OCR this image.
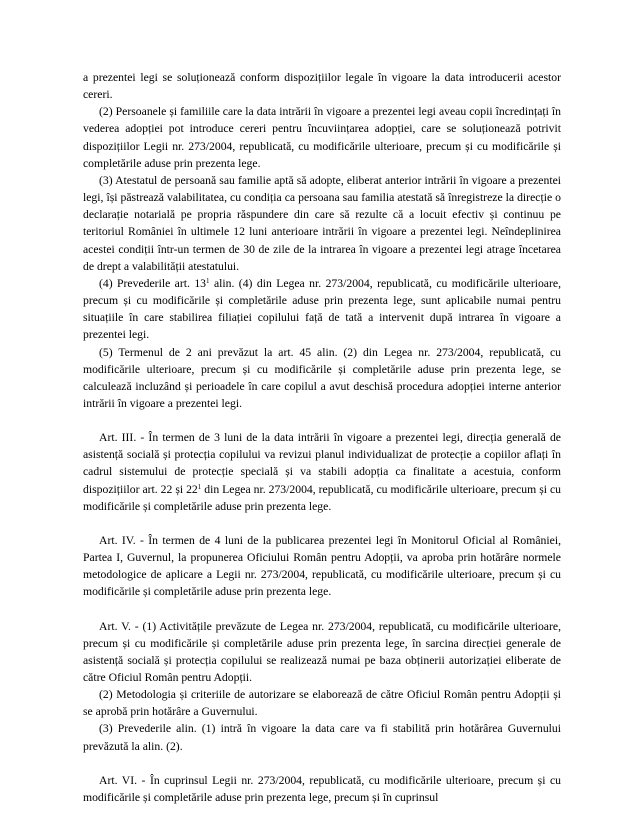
a prezentei legi se soluționează conform dispozițiilor legale în vigoare la data introducerii acestor cereri.

(2) Persoanele și familiile care la data intrării în vigoare a prezentei legi aveau copii încredințați în vederea adopției pot introduce cereri pentru încuviințarea adopției, care se soluționează potrivit dispozițiilor Legii nr. 273/2004, republicată, cu modificările ulterioare, precum și cu modificările și completările aduse prin prezenta lege.

(3) Atestatul de persoană sau familie aptă să adopte, eliberat anterior intrării în vigoare a prezentei legi, își păstrează valabilitatea, cu condiția ca persoana sau familia atestată să înregistreze la direcție o declarație notarială pe propria răspundere din care să rezulte că a locuit efectiv și continuu pe teritoriul României în ultimele 12 luni anterioare intrării în vigoare a prezentei legi. Neîndeplinirea acestei condiții într-un termen de 30 de zile de la intrarea în vigoare a prezentei legi atrage încetarea de drept a valabilității atestatului.

(4) Prevederile art. $13^1$ alin. (4) din Legea nr. 273/2004, republicată, cu modificările ulterioare, precum și cu modificările și completările aduse prin prezenta lege, sunt aplicabile numai pentru situațiile în care stabilirea filiației copilului față de tată a intervenit după intrarea în vigoare a prezentei legi.

(5) Termenul de 2 ani prevăzut la art. 45 alin. (2) din Legea nr. 273/2004, republicată, cu modificările ulterioare, precum și cu modificările și completările aduse prin prezenta lege, se calculează incluzând și perioadele în care copilul a avut deschisă procedura adopției interne anterior intrării în vigoare a prezentei legi.

Art. III. - În termen de 3 luni de la data intrării în vigoare a prezentei legi, direcția generală de asistență socială și protecția copilului va revizui planul individualizat de protecție a copiilor aflați în cadrul sistemului de protecție specială și va stabili adopția ca finalitate a acestuia, conform dispozițiilor art. 22 și $22^1$ din Legea nr. 273/2004, republicată, cu modificările ulterioare, precum și cu modificările și completările aduse prin prezenta lege.

Art. IV. - În termen de 4 luni de la publicarea prezentei legi în Monitorul Oficial al României, Partea I, Guvernul, la propunerea Oficiului Român pentru Adopții, va aproba prin hotărâre normele metodologice de aplicare a Legii nr. 273/2004, republicată, cu modificările ulterioare, precum și cu modificările și completările aduse prin prezenta lege.

Art. V. - (1) Activitățile prevăzute de Legea nr. 273/2004, republicată, cu modificările ulterioare, precum și cu modificările și completările aduse prin prezenta lege, în sarcina direcției generale de asistență socială și protecția copilului se realizează numai pe baza obținerii autorizației eliberate de către Oficiul Român pentru Adopții.

(2) Metodologia și criteriile de autorizare se elaborează de către Oficiul Român pentru Adopții și se aprobă prin hotărâre a Guvernului.

(3) Prevederile alin. (1) intră în vigoare la data care va fi stabilită prin hotărârea Guvernului prevăzută la alin. (2).

Art. VI. - În cuprinsul Legii nr. 273/2004, republicată, cu modificările ulterioare, precum și cu modificările și completările aduse prin prezenta lege, precum și în cuprinsul
